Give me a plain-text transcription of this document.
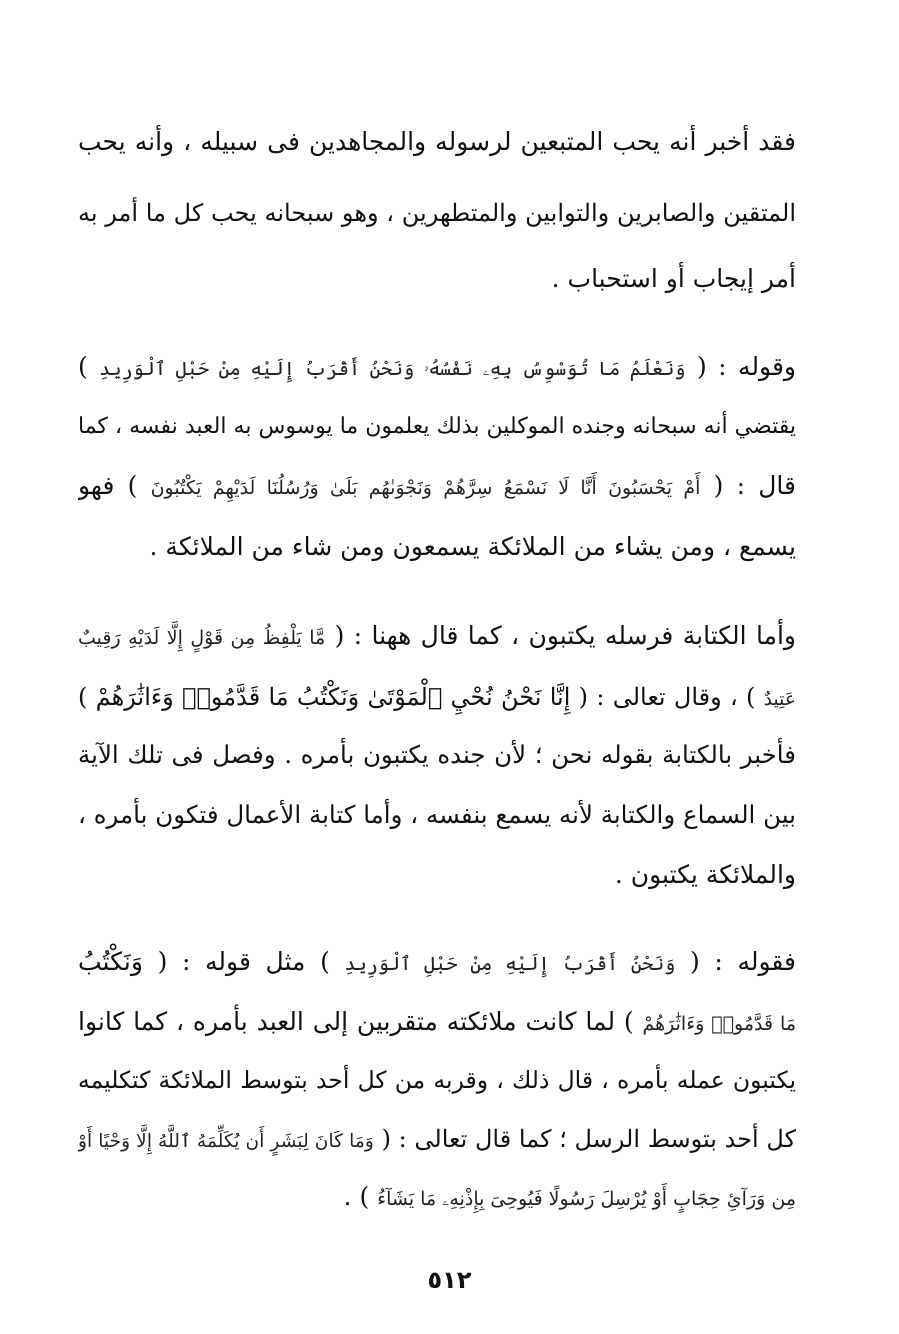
فقد أخبر أنه يحب المتبعين لرسوله والمجاهدين فى سبيله ، وأنه يحب
المتقين والصابرين والتوابين والمتطهرين ، وهو سبحانه يحب كل ما أمر به
أمر إيجاب أو استحباب .
وقوله : ( وَنَعْلَمُ مَا تُوَسْوِسُ بِهِۦ نَفْسُهُۥ وَنَحْنُ أَقْرَبُ إِلَيْهِ مِنْ حَبْلِ ٱلْوَرِيدِ )
يقتضي أنه سبحانه وجنده الموكلين بذلك يعلمون ما يوسوس به العبد نفسه ، كما
قال : ( أَمْ يَحْسَبُونَ أَنَّا لَا نَسْمَعُ سِرَّهُمْ وَنَجْوَىٰهُم بَلَىٰ وَرُسُلُنَا لَدَيْهِمْ يَكْتُبُونَ ) فهو
يسمع ، ومن يشاء من الملائكة يسمعون ومن شاء من الملائكة .
وأما الكتابة فرسله يكتبون ، كما قال ههنا : ( مَّا يَلْفِظُ مِن قَوْلٍ إِلَّا لَدَيْهِ رَقِيبٌ
عَتِيدٌ ) ، وقال تعالى : ( إِنَّا نَحْنُ نُحْيِ ٱلْمَوْتَىٰ وَنَكْتُبُ مَا قَدَّمُوا۟ وَءَاثَٰرَهُمْ )
فأخبر بالكتابة بقوله نحن ؛ لأن جنده يكتبون بأمره . وفصل فى تلك الآية
بين السماع والكتابة لأنه يسمع بنفسه ، وأما كتابة الأعمال فتكون بأمره ،
والملائكة يكتبون .
فقوله : ( وَنَحْنُ أَقْرَبُ إِلَيْهِ مِنْ حَبْلِ ٱلْوَرِيدِ ) مثل قوله : ( وَنَكْتُبُ
مَا قَدَّمُوا۟ وَءَاثَٰرَهُمْ ) لما كانت ملائكته متقربين إلى العبد بأمره ، كما كانوا
يكتبون عمله بأمره ، قال ذلك ، وقربه من كل أحد بتوسط الملائكة كتكليمه
كل أحد بتوسط الرسل ؛ كما قال تعالى : ( وَمَا كَانَ لِبَشَرٍ أَن يُكَلِّمَهُ ٱللَّهُ إِلَّا وَحْيًا أَوْ
مِن وَرَآئِ حِجَابٍ أَوْ يُرْسِلَ رَسُولًا فَيُوحِىَ بِإِذْنِهِۦ مَا يَشَآءُ ) .
٥١٢
